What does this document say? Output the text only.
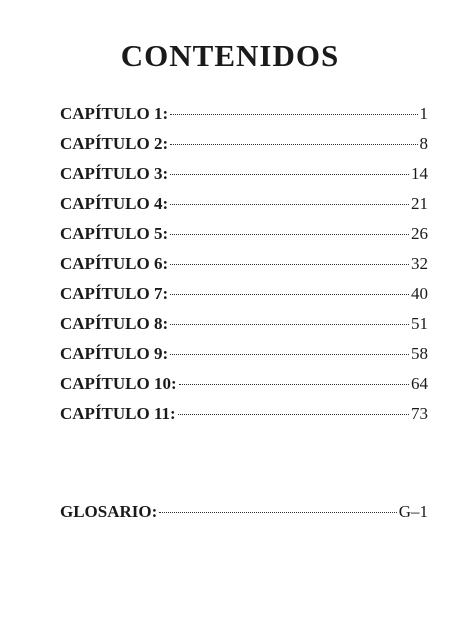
CONTENIDOS
CAPÍTULO 1:	1
CAPÍTULO 2:	8
CAPÍTULO 3:	14
CAPÍTULO 4:	21
CAPÍTULO 5:	26
CAPÍTULO 6:	32
CAPÍTULO 7:	40
CAPÍTULO 8:	51
CAPÍTULO 9:	58
CAPÍTULO 10:	64
CAPÍTULO 11:	73
GLOSARIO:	G–1
